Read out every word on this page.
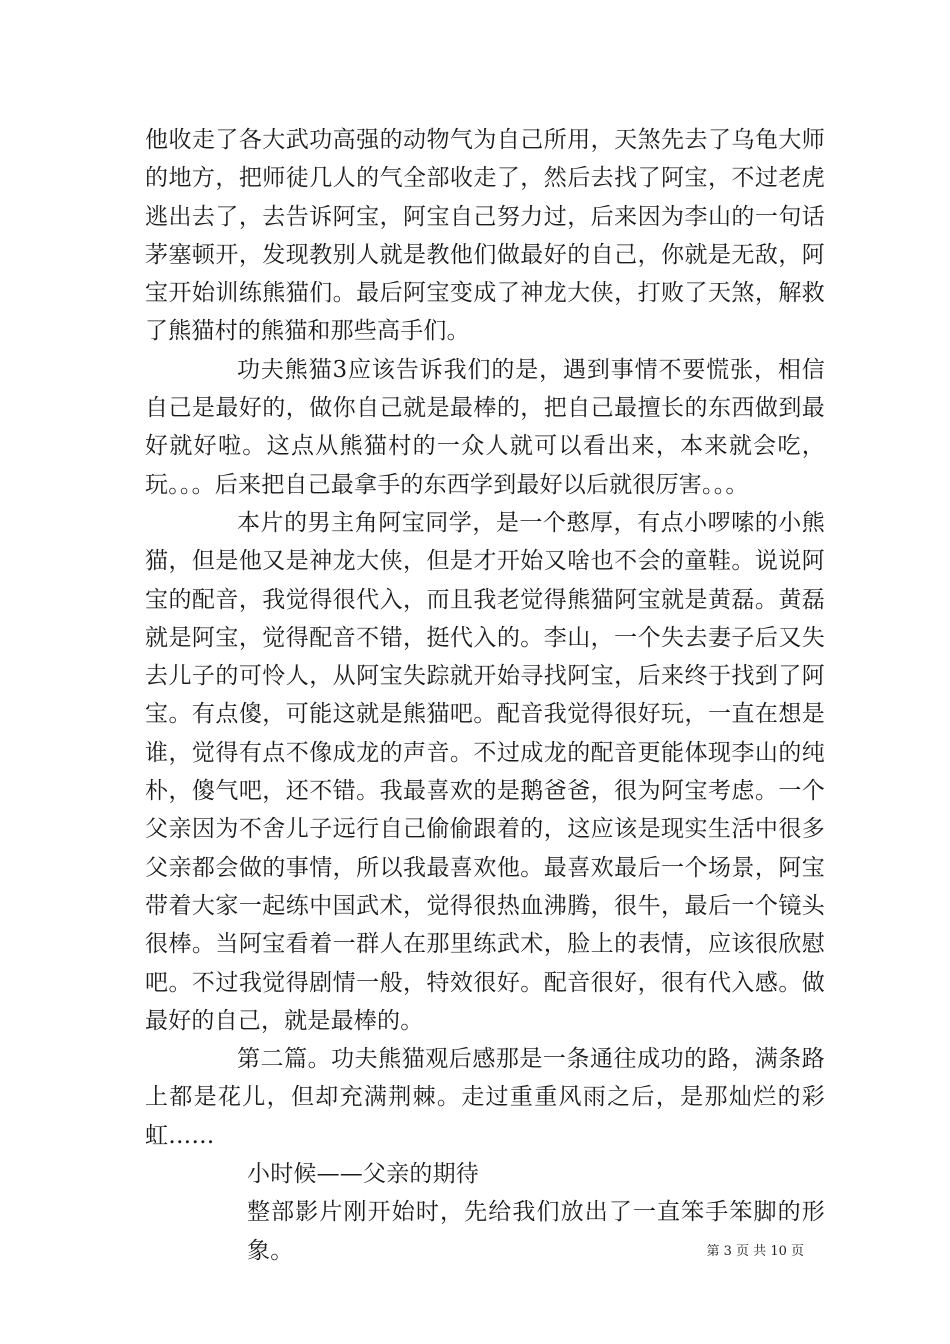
他收走了各大武功高强的动物气为自己所用，天煞先去了乌龟大师的地方，把师徒几人的气全部收走了，然后去找了阿宝，不过老虎逃出去了，去告诉阿宝，阿宝自己努力过，后来因为李山的一句话茅塞顿开，发现教别人就是教他们做最好的自己，你就是无敌，阿宝开始训练熊猫们。最后阿宝变成了神龙大侠，打败了天煞，解救了熊猫村的熊猫和那些高手们。

功夫熊猫3应该告诉我们的是，遇到事情不要慌张，相信自己是最好的，做你自己就是最棒的，把自己最擅长的东西做到最好就好啦。这点从熊猫村的一众人就可以看出来，本来就会吃，玩。。。后来把自己最拿手的东西学到最好以后就很厉害。。。

本片的男主角阿宝同学，是一个憨厚，有点小啰嗦的小熊猫，但是他又是神龙大侠，但是才开始又啥也不会的童鞋。说说阿宝的配音，我觉得很代入，而且我老觉得熊猫阿宝就是黄磊。黄磊就是阿宝，觉得配音不错，挺代入的。李山，一个失去妻子后又失去儿子的可怜人，从阿宝失踪就开始寻找阿宝，后来终于找到了阿宝。有点傻，可能这就是熊猫吧。配音我觉得很好玩，一直在想是谁，觉得有点不像成龙的声音。不过成龙的配音更能体现李山的纯朴，傻气吧，还不错。我最喜欢的是鹅爸爸，很为阿宝考虑。一个父亲因为不舍儿子远行自己偷偷跟着的，这应该是现实生活中很多父亲都会做的事情，所以我最喜欢他。最喜欢最后一个场景，阿宝带着大家一起练中国武术，觉得很热血沸腾，很牛，最后一个镜头很棒。当阿宝看着一群人在那里练武术，脸上的表情，应该很欣慰吧。不过我觉得剧情一般，特效很好。配音很好，很有代入感。做最好的自己，就是最棒的。

第二篇。功夫熊猫观后感那是一条通往成功的路，满条路上都是花儿，但却充满荆棘。走过重重风雨之后，是那灿烂的彩虹……

小时候——父亲的期待

整部影片刚开始时，先给我们放出了一直笨手笨脚的形象。	第 3 页 共 10 页
